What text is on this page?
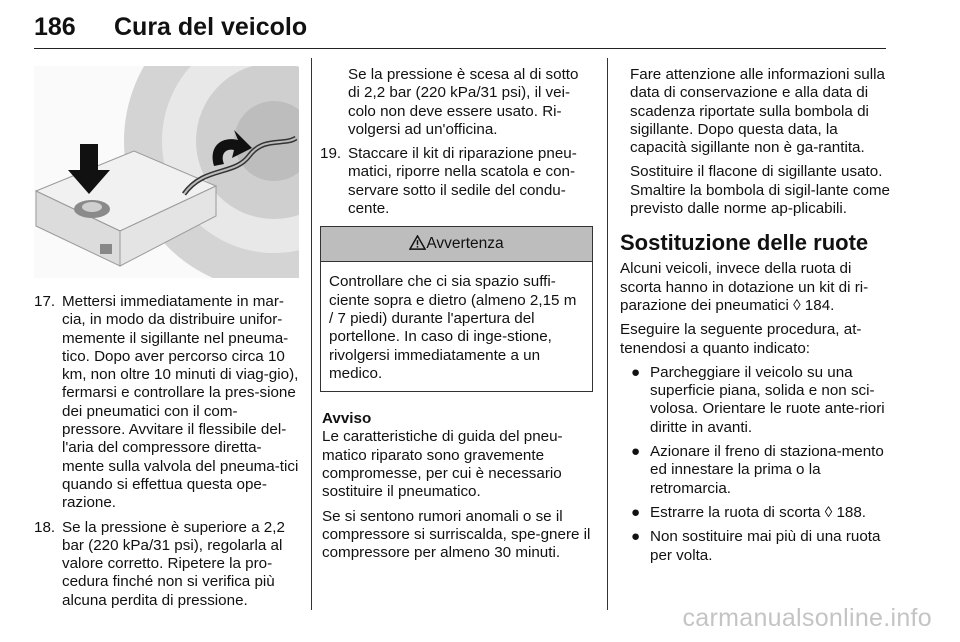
186 Cura del veicolo
17. Mettersi immediatamente in mar-cia, in modo da distribuire unifor-memente il sigillante nel pneuma-tico. Dopo aver percorso circa 10 km, non oltre 10 minuti di viag-gio), fermarsi e controllare la pres-sione dei pneumatici con il com-pressore. Avvitare il flessibile del-l'aria del compressore diretta-mente sulla valvola del pneuma-tici quando si effettua questa ope-razione.
18. Se la pressione è superiore a 2,2 bar (220 kPa/31 psi), regolarla al valore corretto. Ripetere la pro-cedura finché non si verifica più alcuna perdita di pressione.

Se la pressione è scesa al di sotto di 2,2 bar (220 kPa/31 psi), il vei-colo non deve essere usato. Ri-volgersi ad un'officina.

19. Staccare il kit di riparazione pneu-matici, riporre nella scatola e con-servare sotto il sedile del condu-cente.
Avvertenza
Controllare che ci sia spazio suffi-ciente sopra e dietro (almeno 2,15 m / 7 piedi) durante l'apertura del portellone. In caso di inge-stione, rivolgersi immediatamente a un medico.

Avviso

Le caratteristiche di guida del pneu-matico riparato sono gravemente compromesse, per cui è necessario sostituire il pneumatico.

Se si sentono rumori anomali o se il compressore si surriscalda, spe-gnere il compressore per almeno 30 minuti.

Fare attenzione alle informazioni sulla data di conservazione e alla data di scadenza riportate sulla bombola di sigillante. Dopo questa data, la capacità sigillante non è ga-rantita.

Sostituire il flacone di sigillante usato. Smaltire la bombola di sigil-lante come previsto dalle norme ap-plicabili.

Sostituzione delle ruote

Alcuni veicoli, invece della ruota di scorta hanno in dotazione un kit di ri-parazione dei pneumatici ◊ 184.

Eseguire la seguente procedura, at-tenendosi a quanto indicato:

● Parcheggiare il veicolo su una superficie piana, solida e non sci-volosa. Orientare le ruote ante-riori diritte in avanti.
● Azionare il freno di staziona-mento ed innestare la prima o la retromarcia.
● Estrarre la ruota di scorta ◊ 188.
● Non sostituire mai più di una ruota per volta.
carmanualsonline.info
